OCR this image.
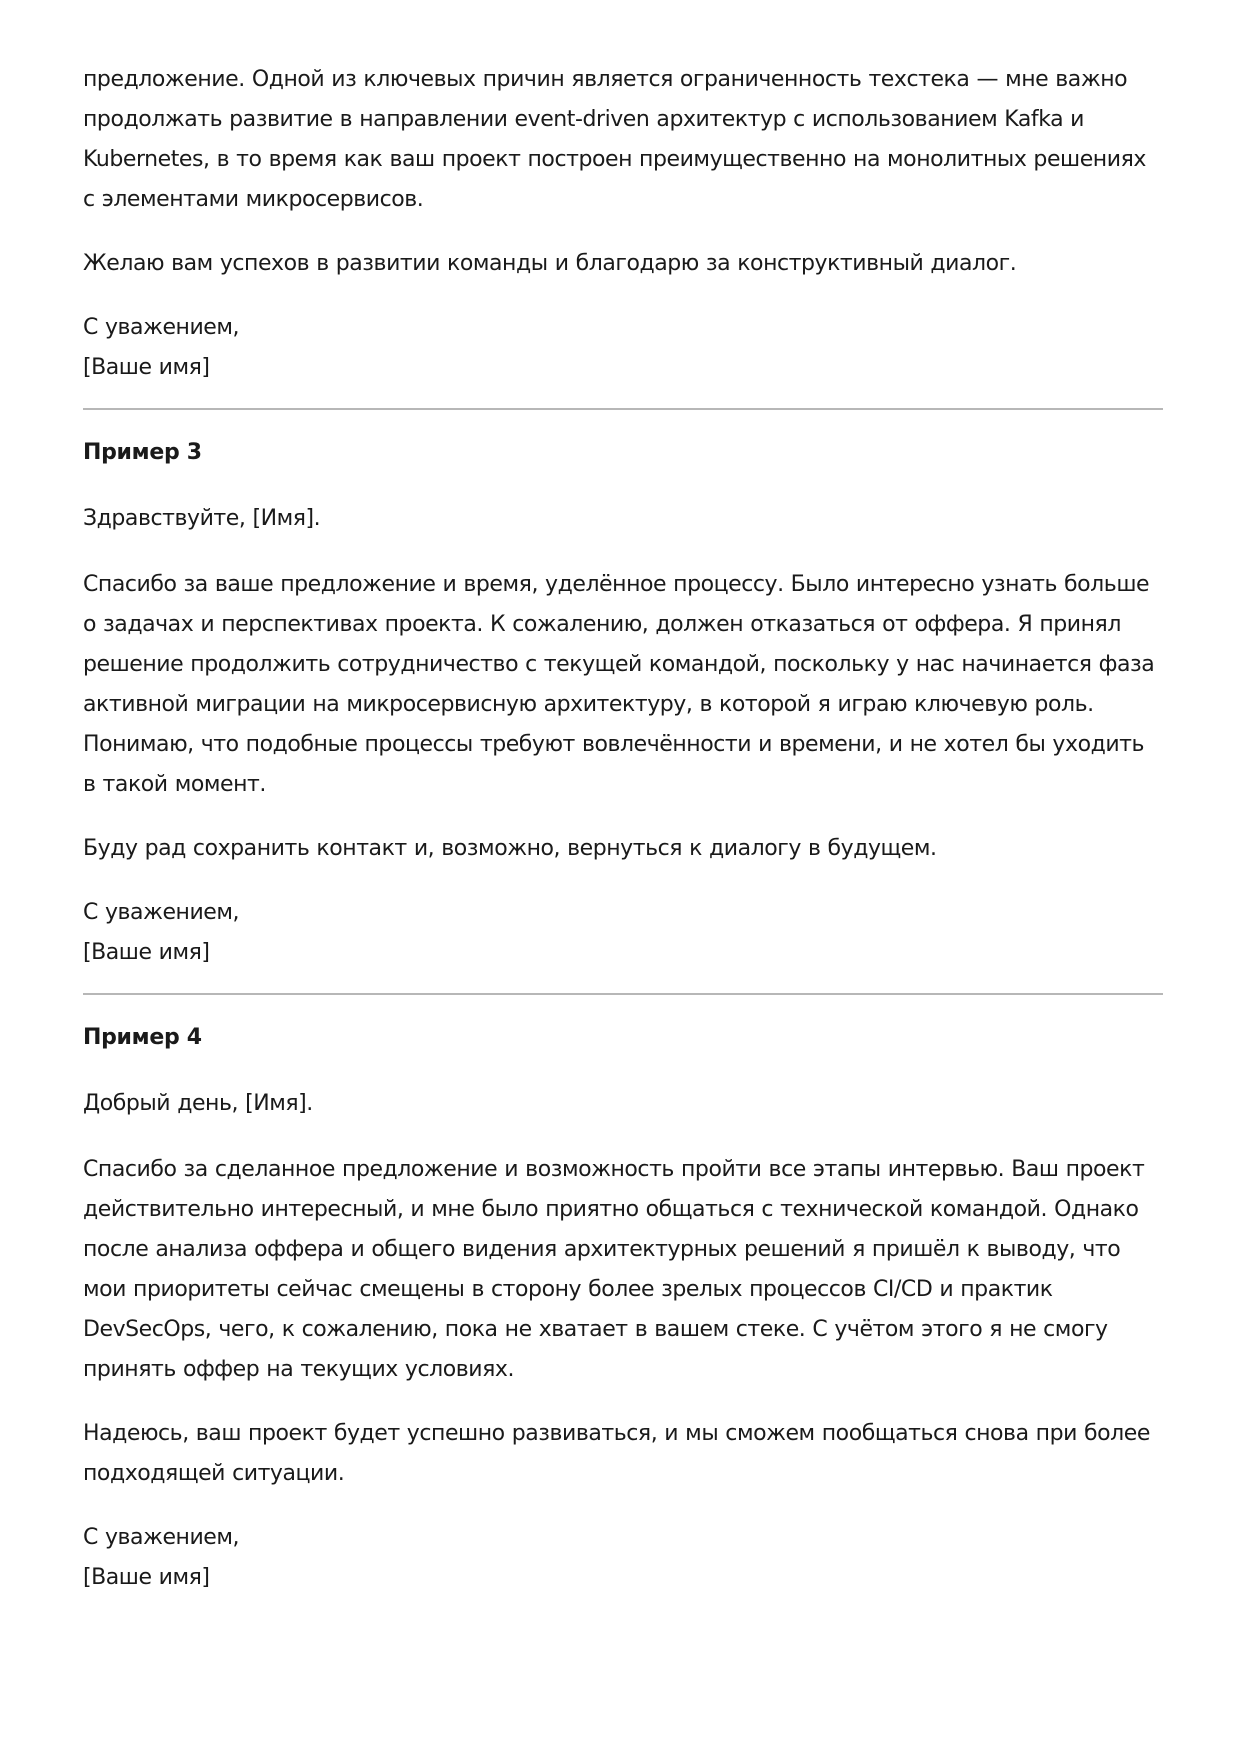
предложение. Одной из ключевых причин является ограниченность техстека — мне важно продолжать развитие в направлении event-driven архитектур с использованием Kafka и Kubernetes, в то время как ваш проект построен преимущественно на монолитных решениях с элементами микросервисов.

Желаю вам успехов в развитии команды и благодарю за конструктивный диалог.

С уважением,

[Ваше имя]

Пример 3

Здравствуйте, [Имя].

Спасибо за ваше предложение и время, уделённое процессу. Было интересно узнать больше о задачах и перспективах проекта. К сожалению, должен отказаться от оффера. Я принял решение продолжить сотрудничество с текущей командой, поскольку у нас начинается фаза активной миграции на микросервисную архитектуру, в которой я играю ключевую роль. Понимаю, что подобные процессы требуют вовлечённости и времени, и не хотел бы уходить в такой момент.

Буду рад сохранить контакт и, возможно, вернуться к диалогу в будущем.

С уважением,

[Ваше имя]

Пример 4

Добрый день, [Имя].

Спасибо за сделанное предложение и возможность пройти все этапы интервью. Ваш проект действительно интересный, и мне было приятно общаться с технической командой. Однако после анализа оффера и общего видения архитектурных решений я пришёл к выводу, что мои приоритеты сейчас смещены в сторону более зрелых процессов CI/CD и практик DevSecOps, чего, к сожалению, пока не хватает в вашем стеке. С учётом этого я не смогу принять оффер на текущих условиях.

Надеюсь, ваш проект будет успешно развиваться, и мы сможем пообщаться снова при более подходящей ситуации.

С уважением,

[Ваше имя]
